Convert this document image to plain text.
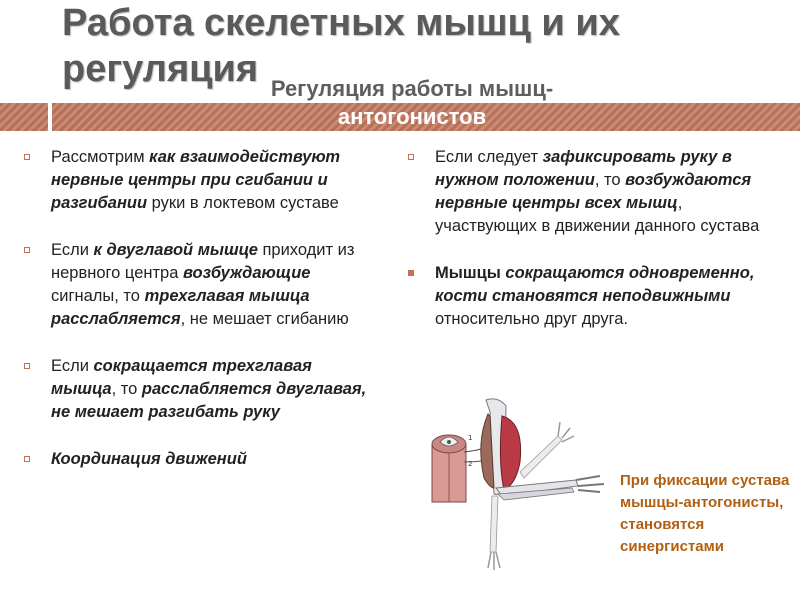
Работа скелетных мышц и их регуляция Регуляция работы мышц-
антогонистов
Рассмотрим как взаимодействуют нервные центры при сгибании и разгибании руки в локтевом суставе
Если к двуглавой мышце приходит из нервного центра возбуждающие сигналы, то трехглавая мышца расслабляется, не мешает сгибанию
Если сокращается трехглавая мышца, то расслабляется двуглавая, не мешает разгибать руку
Координация движений
Если следует зафиксировать руку в нужном положении, то возбуждаются нервные центры всех мышц, участвующих в движении данного сустава
Мышцы сокращаются одновременно, кости становятся неподвижными относительно друг друга.
1
2
При фиксации сустава мышцы-антогонисты, становятся синергистами
